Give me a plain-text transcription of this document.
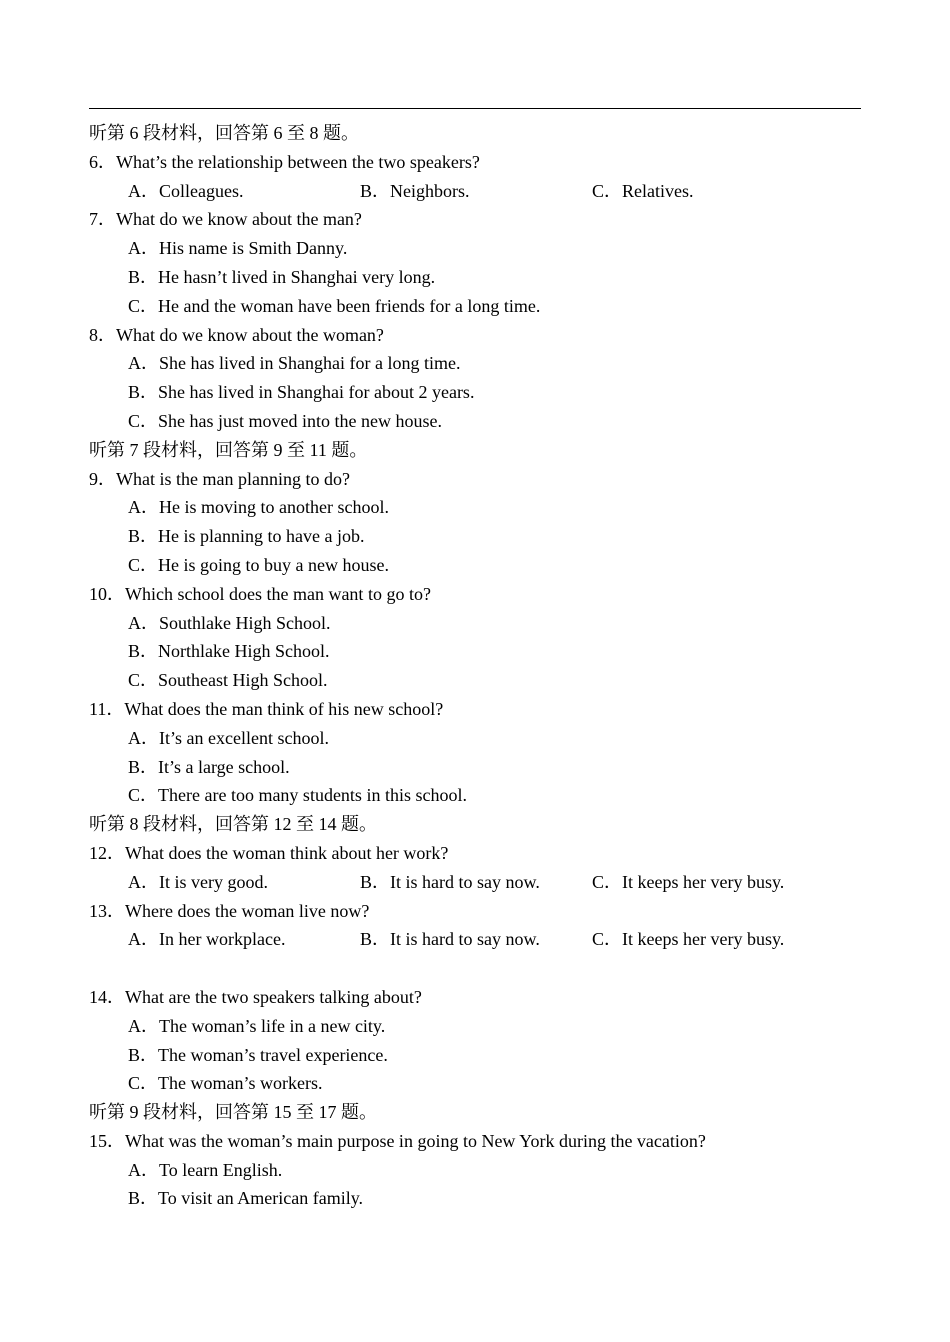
听第 6 段材料，回答第 6 至 8 题。
6．What’s the relationship between the two speakers?
A．Colleagues.	B．Neighbors.	C．Relatives.
7．What do we know about the man?
A．His name is Smith Danny.
B．He hasn’t lived in Shanghai very long.
C．He and the woman have been friends for a long time.
8．What do we know about the woman?
A．She has lived in Shanghai for a long time.
B．She has lived in Shanghai for about 2 years.
C．She has just moved into the new house.
听第 7 段材料，回答第 9 至 11 题。
9．What is the man planning to do?
A．He is moving to another school.
B．He is planning to have a job.
C．He is going to buy a new house.
10．Which school does the man want to go to?
A．Southlake High School.
B．Northlake High School.
C．Southeast High School.
11．What does the man think of his new school?
A．It’s an excellent school.
B．It’s a large school.
C．There are too many students in this school.
听第 8 段材料，回答第 12 至 14 题。
12．What does the woman think about her work?
A．It is very good.	B．It is hard to say now.	C．It keeps her very busy.
13．Where does the woman live now?
A．In her workplace.	B．It is hard to say now.	C．It keeps her very busy.
14．What are the two speakers talking about?
A．The woman’s life in a new city.
B．The woman’s travel experience.
C．The woman’s workers.
听第 9 段材料，回答第 15 至 17 题。
15．What was the woman’s main purpose in going to New York during the vacation?
A．To learn English.
B．To visit an American family.
